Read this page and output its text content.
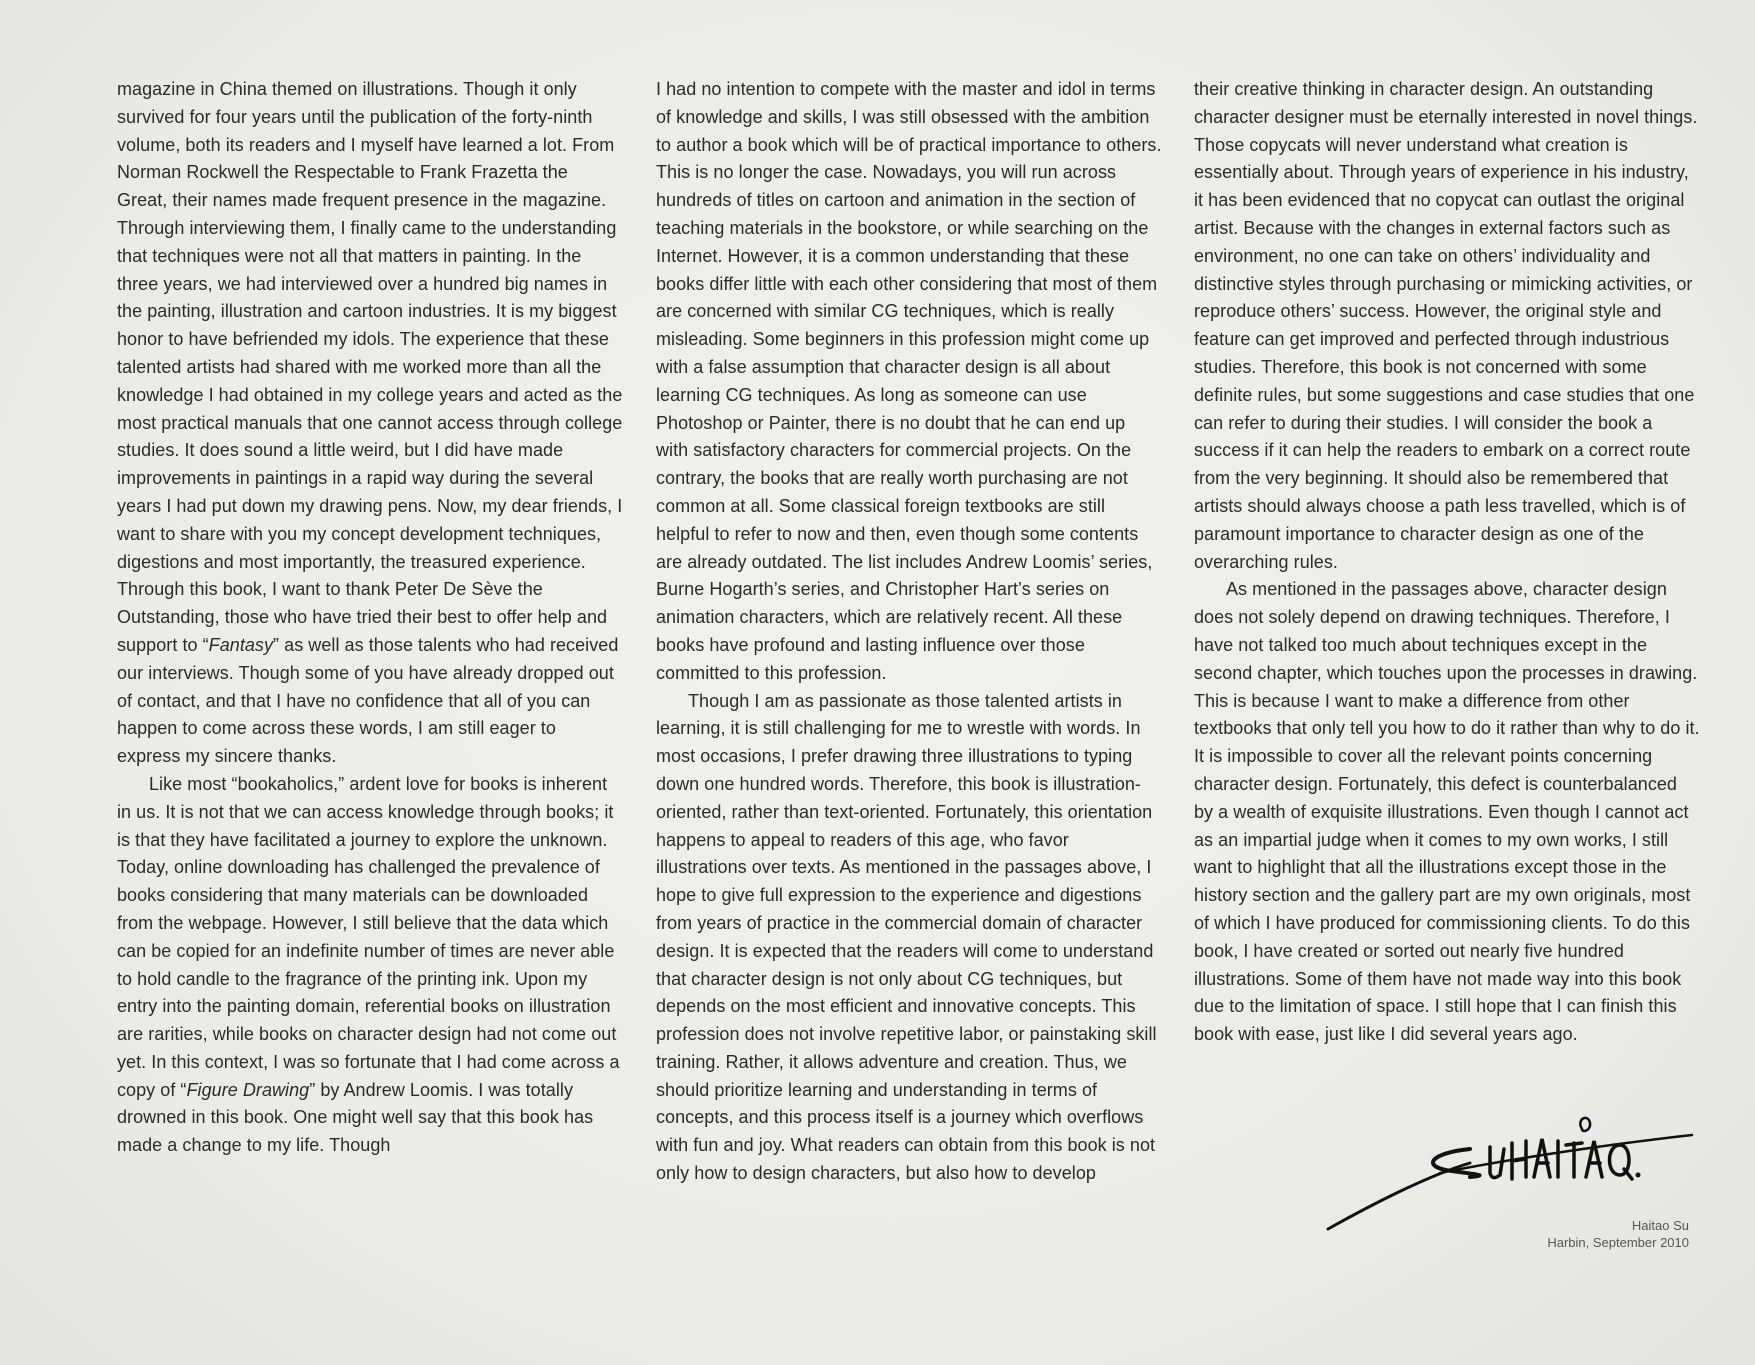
magazine in China themed on illustrations. Though it only survived for four years until the publication of the forty-ninth volume, both its readers and I myself have learned a lot. From Norman Rockwell the Respectable to Frank Frazetta the Great, their names made frequent presence in the magazine. Through interviewing them, I finally came to the understanding that techniques were not all that matters in painting. In the three years, we had interviewed over a hundred big names in the painting, illustration and cartoon industries. It is my biggest honor to have befriended my idols. The experience that these talented artists had shared with me worked more than all the knowledge I had obtained in my college years and acted as the most practical manuals that one cannot access through college studies. It does sound a little weird, but I did have made improvements in paintings in a rapid way during the several years I had put down my drawing pens. Now, my dear friends, I want to share with you my concept development techniques, digestions and most importantly, the treasured experience. Through this book, I want to thank Peter De Sève the Outstanding, those who have tried their best to offer help and support to “Fantasy” as well as those talents who had received our interviews. Though some of you have already dropped out of contact, and that I have no confidence that all of you can happen to come across these words, I am still eager to express my sincere thanks.

Like most “bookaholics,” ardent love for books is inherent in us. It is not that we can access knowledge through books; it is that they have facilitated a journey to explore the unknown. Today, online downloading has challenged the prevalence of books considering that many materials can be downloaded from the webpage. However, I still believe that the data which can be copied for an indefinite number of times are never able to hold candle to the fragrance of the printing ink. Upon my entry into the painting domain, referential books on illustration are rarities, while books on character design had not come out yet. In this context, I was so fortunate that I had come across a copy of “Figure Drawing” by Andrew Loomis. I was totally drowned in this book. One might well say that this book has made a change to my life. Though

I had no intention to compete with the master and idol in terms of knowledge and skills, I was still obsessed with the ambition to author a book which will be of practical importance to others. This is no longer the case. Nowadays, you will run across hundreds of titles on cartoon and animation in the section of teaching materials in the bookstore, or while searching on the Internet. However, it is a common understanding that these books differ little with each other considering that most of them are concerned with similar CG techniques, which is really misleading. Some beginners in this profession might come up with a false assumption that character design is all about learning CG techniques. As long as someone can use Photoshop or Painter, there is no doubt that he can end up with satisfactory characters for commercial projects. On the contrary, the books that are really worth purchasing are not common at all. Some classical foreign textbooks are still helpful to refer to now and then, even though some contents are already outdated. The list includes Andrew Loomis’ series, Burne Hogarth’s series, and Christopher Hart’s series on animation characters, which are relatively recent. All these books have profound and lasting influence over those committed to this profession.

Though I am as passionate as those talented artists in learning, it is still challenging for me to wrestle with words. In most occasions, I prefer drawing three illustrations to typing down one hundred words. Therefore, this book is illustration-oriented, rather than text-oriented. Fortunately, this orientation happens to appeal to readers of this age, who favor illustrations over texts. As mentioned in the passages above, I hope to give full expression to the experience and digestions from years of practice in the commercial domain of character design. It is expected that the readers will come to understand that character design is not only about CG techniques, but depends on the most efficient and innovative concepts. This profession does not involve repetitive labor, or painstaking skill training. Rather, it allows adventure and creation. Thus, we should prioritize learning and understanding in terms of concepts, and this process itself is a journey which overflows with fun and joy. What readers can obtain from this book is not only how to design characters, but also how to develop

their creative thinking in character design. An outstanding character designer must be eternally interested in novel things. Those copycats will never understand what creation is essentially about. Through years of experience in his industry, it has been evidenced that no copycat can outlast the original artist. Because with the changes in external factors such as environment, no one can take on others’ individuality and distinctive styles through purchasing or mimicking activities, or reproduce others’ success. However, the original style and feature can get improved and perfected through industrious studies. Therefore, this book is not concerned with some definite rules, but some suggestions and case studies that one can refer to during their studies. I will consider the book a success if it can help the readers to embark on a correct route from the very beginning. It should also be remembered that artists should always choose a path less travelled, which is of paramount importance to character design as one of the overarching rules.

As mentioned in the passages above, character design does not solely depend on drawing techniques. Therefore, I have not talked too much about techniques except in the second chapter, which touches upon the processes in drawing. This is because I want to make a difference from other textbooks that only tell you how to do it rather than why to do it. It is impossible to cover all the relevant points concerning character design. Fortunately, this defect is counterbalanced by a wealth of exquisite illustrations. Even though I cannot act as an impartial judge when it comes to my own works, I still want to highlight that all the illustrations except those in the history section and the gallery part are my own originals, most of which I have produced for commissioning clients. To do this book, I have created or sorted out nearly five hundred illustrations. Some of them have not made way into this book due to the limitation of space. I still hope that I can finish this book with ease, just like I did several years ago.

Haitao Su
Harbin, September 2010
